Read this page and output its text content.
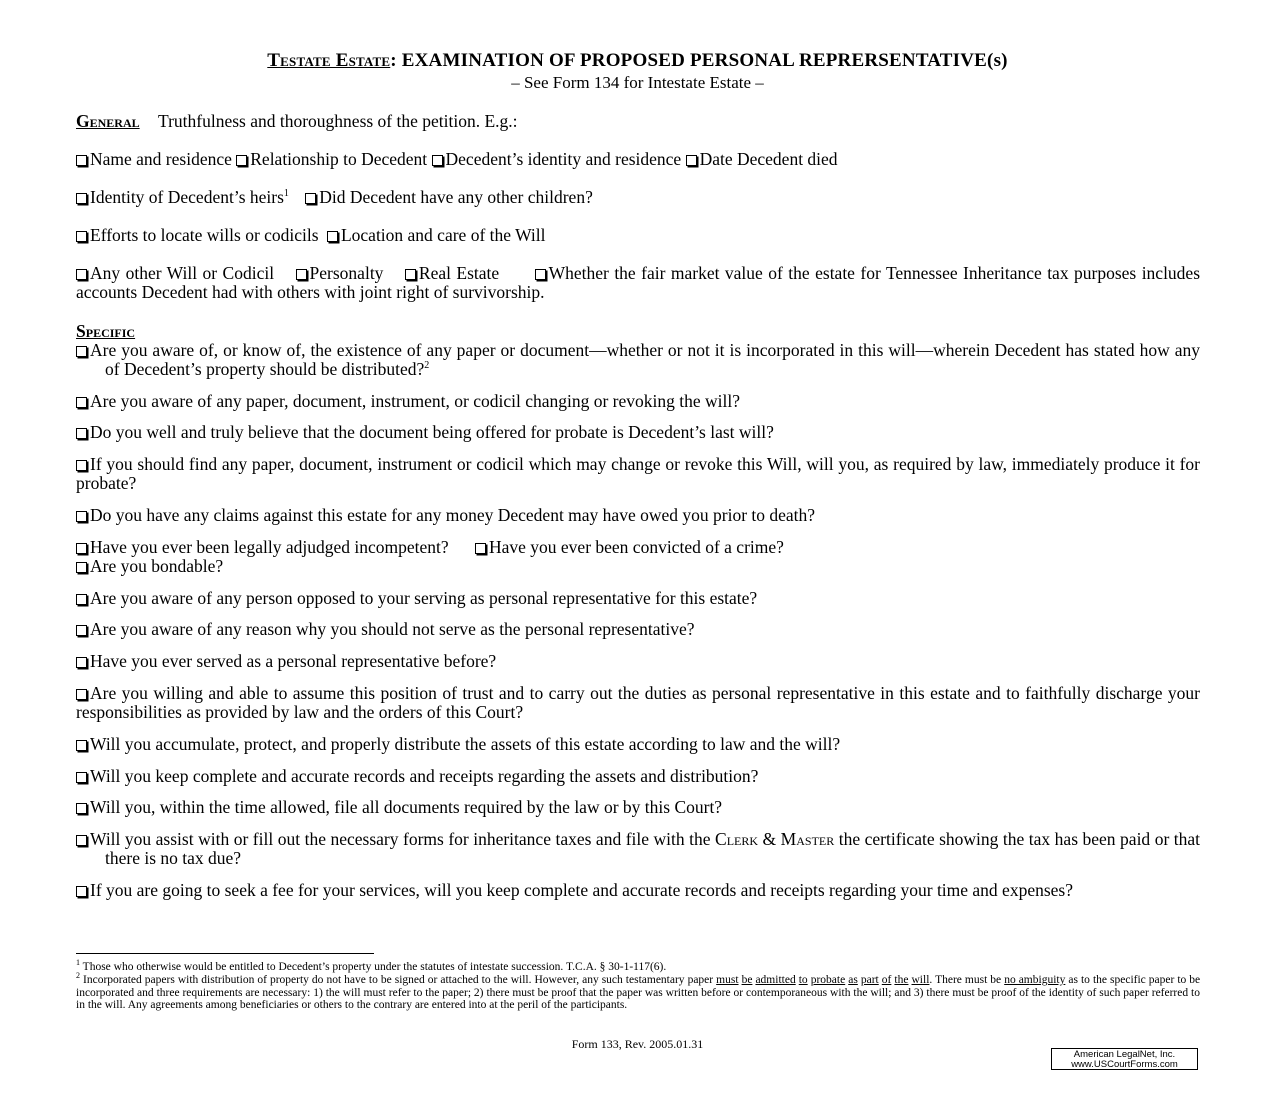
Testate Estate: EXAMINATION OF PROPOSED PERSONAL REPRERSENTATIVE(s)
– See Form 134 for Intestate Estate –
General Truthfulness and thoroughness of the petition. E.g.:
Name and residence Relationship to Decedent Decedent’s identity and residence Date Decedent died
Identity of Decedent’s heirs$^1$ Did Decedent have any other children?
Efforts to locate wills or codicils Location and care of the Will
Any other Will or Codicil Personalty Real Estate	Whether the fair market value of the estate for Tennessee Inheritance tax purposes includes accounts Decedent had with others with joint right of survivorship.
Specific
Are you aware of, or know of, the existence of any paper or document—whether or not it is incorporated in this will—wherein Decedent has stated how any of Decedent’s property should be distributed?$^2$
Are you aware of any paper, document, instrument, or codicil changing or revoking the will?
Do you well and truly believe that the document being offered for probate is Decedent’s last will?
If you should find any paper, document, instrument or codicil which may change or revoke this Will, will you, as required by law, immediately produce it for probate?
Do you have any claims against this estate for any money Decedent may have owed you prior to death?
Have you ever been legally adjudged incompetent? Have you ever been convicted of a crime?
Are you bondable?
Are you aware of any person opposed to your serving as personal representative for this estate?
Are you aware of any reason why you should not serve as the personal representative?
Have you ever served as a personal representative before?
Are you willing and able to assume this position of trust and to carry out the duties as personal representative in this estate and to faithfully discharge your responsibilities as provided by law and the orders of this Court?
Will you accumulate, protect, and properly distribute the assets of this estate according to law and the will?
Will you keep complete and accurate records and receipts regarding the assets and distribution?
Will you, within the time allowed, file all documents required by the law or by this Court?
Will you assist with or fill out the necessary forms for inheritance taxes and file with the Clerk & Master the certificate showing the tax has been paid or that there is no tax due?
If you are going to seek a fee for your services, will you keep complete and accurate records and receipts regarding your time and expenses?
$^1$ Those who otherwise would be entitled to Decedent’s property under the statutes of intestate succession. T.C.A. § 30-1-117(6).
$^2$ Incorporated papers with distribution of property do not have to be signed or attached to the will. However, any such testamentary paper must be admitted to probate as part of the will. There must be no ambiguity as to the specific paper to be incorporated and three requirements are necessary: 1) the will must refer to the paper; 2) there must be proof that the paper was written before or contemporaneous with the will; and 3) there must be proof of the identity of such paper referred to in the will. Any agreements among beneficiaries or others to the contrary are entered into at the peril of the participants.
Form 133, Rev. 2005.01.31
American LegalNet, Inc.
www.USCourtForms.com
